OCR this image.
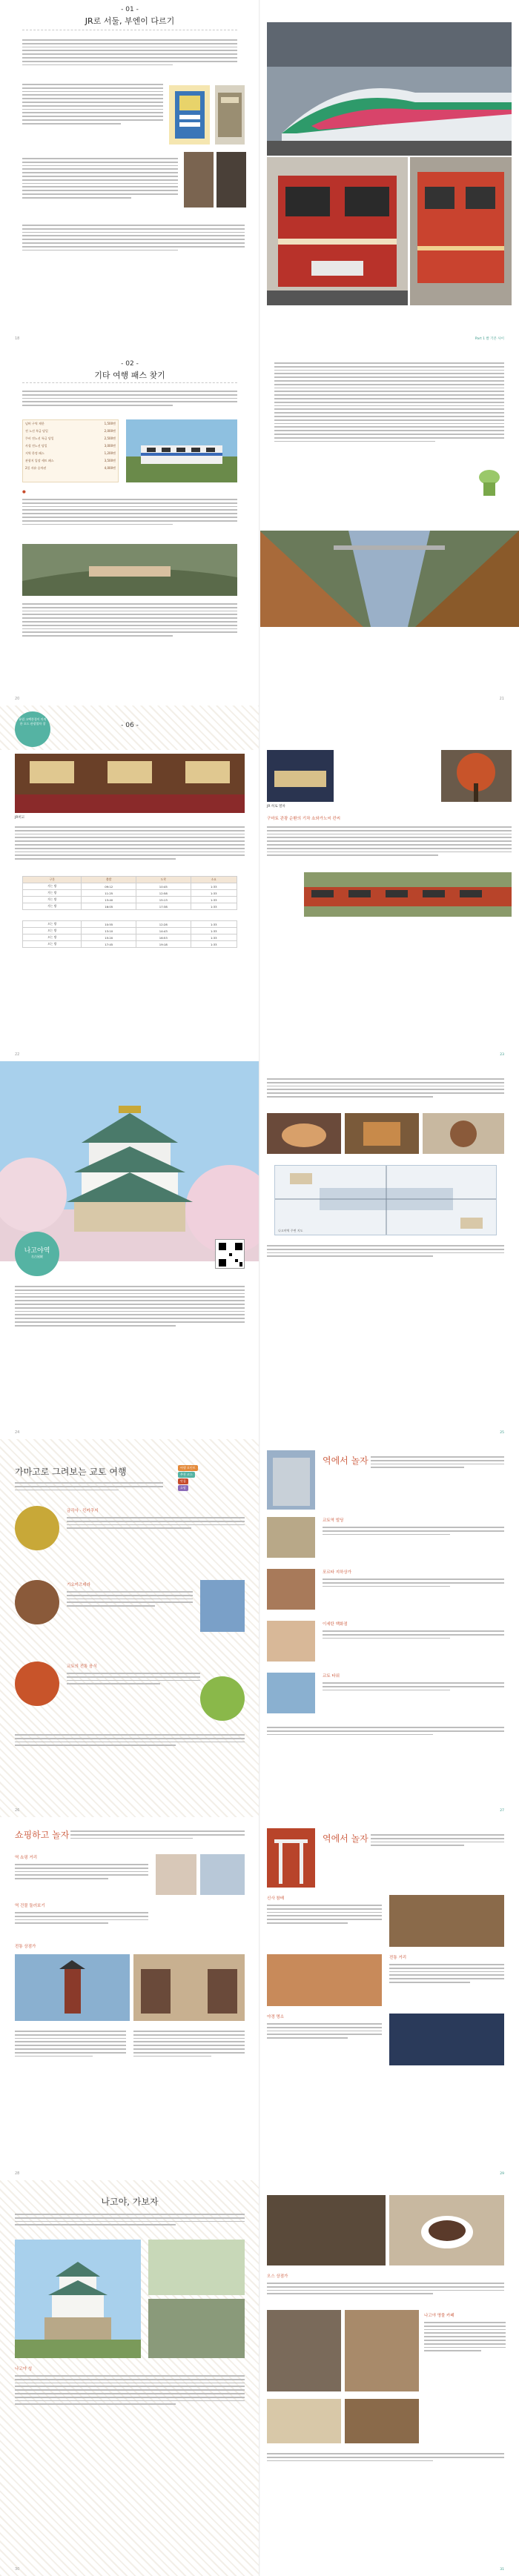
- 01 -
JR로 서둘, 부엔이 다르기
18	Part 1 쌀 기본 사이
- 02 -
기타 여행 패스 찾기
넘버 구역 제한	1,500엔
전 노선 특급 당일	2,000엔
쿠비 전노선 특급 당일	2,500엔
사철 전노선 당일	3,000엔
지역 한정 패스	1,200엔
관광지 입장 세트 패스	3,500엔
2일 자유 승차권	4,000엔
●
20	21
유럽 고택풍경이 마치 한 오드 관광열차 창	- 06 -
JR히고
구분	출발	도착	소요
가는 방	09:12	10:45	1:33
가는 방	11:25	12:58	1:33
가는 방	13:40	15:13	1:33
가는 방	16:05	17:38	1:33
오는 방	10:55	12:28	1:33
오는 방	13:10	14:43	1:33
오는 방	15:20	16:53	1:33
오는 방	17:45	19:18	1:33
22
JR 히로 열차
구마토 관광 순환의 기차 쇼와가노씨 칸씨
23
나고야역
名古屋駅
24
나고야역 주변 지도
25
가마고로 그려보는 교토 여행	여행 포인트
추천 코스
맛집
쇼핑
금각사 · 킨카쿠지
기요미즈데라
교토의 전통 음식
26
역에서 놀자
교토역 빌딩
포르타 지하상가
이세탄 백화점
교토 타워
27
쇼핑하고 놀자
역 쇼핑 거리
역 건물 둘러보기
전통 상점가
28
역에서 놀자
신사 참배
전통 거리
야경 명소
29
나고야, 가보자
나고야 성
30
오스 상점가
나고야 명물 카페
31
